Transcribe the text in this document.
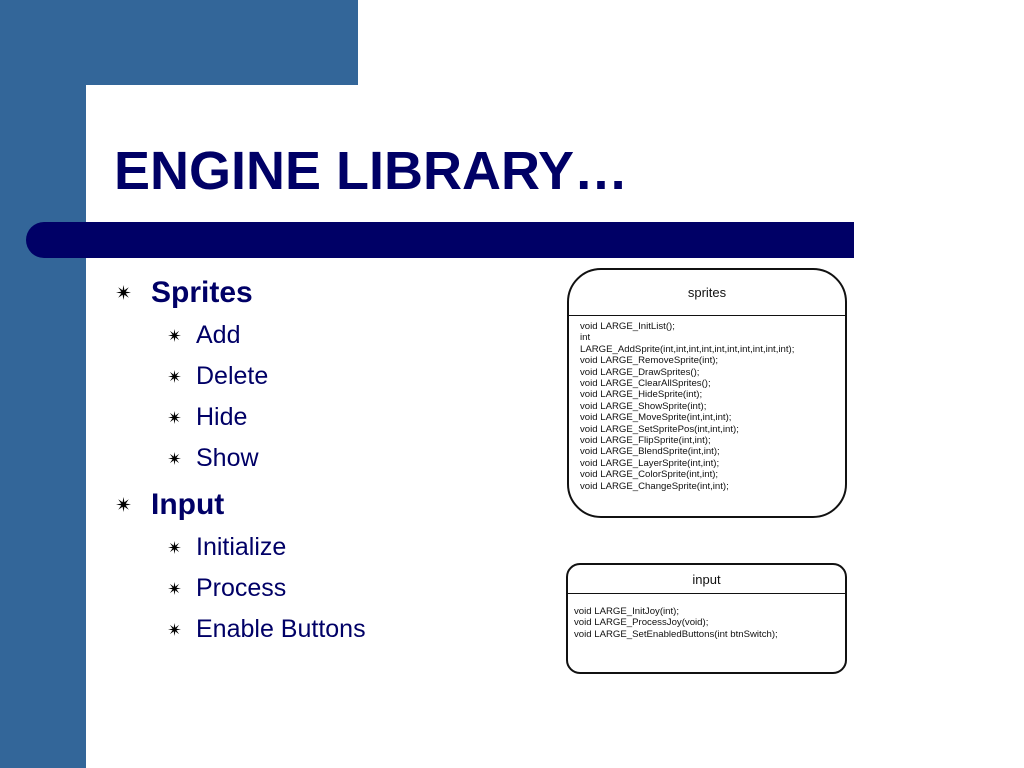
ENGINE LIBRARY…
Sprites
Add
Delete
Hide
Show
Input
Initialize
Process
Enable Buttons
sprites
void LARGE_InitList();
int
LARGE_AddSprite(int,int,int,int,int,int,int,int,int,int);
void LARGE_RemoveSprite(int);
void LARGE_DrawSprites();
void LARGE_ClearAllSprites();
void LARGE_HideSprite(int);
void LARGE_ShowSprite(int);
void LARGE_MoveSprite(int,int,int);
void LARGE_SetSpritePos(int,int,int);
void LARGE_FlipSprite(int,int);
void LARGE_BlendSprite(int,int);
void LARGE_LayerSprite(int,int);
void LARGE_ColorSprite(int,int);
void LARGE_ChangeSprite(int,int);
input
void LARGE_InitJoy(int);
void LARGE_ProcessJoy(void);
void LARGE_SetEnabledButtons(int btnSwitch);
